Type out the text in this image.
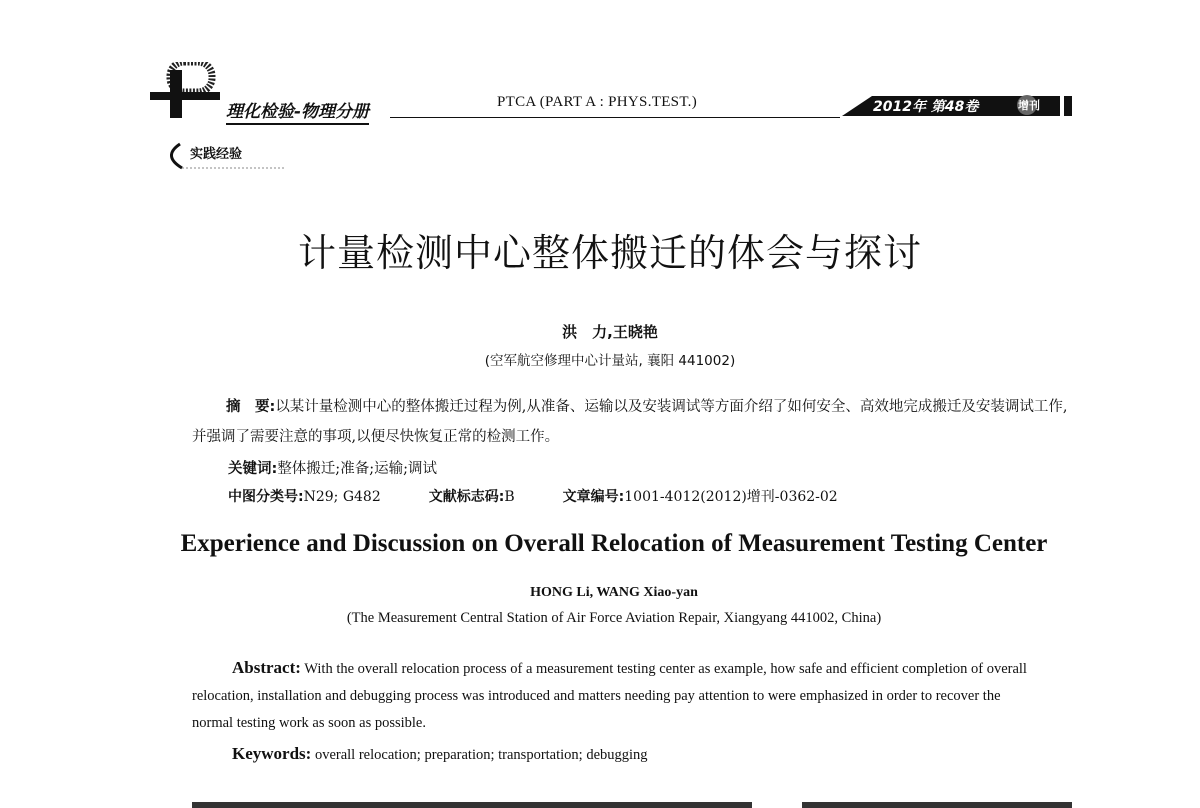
理化检验-物理分册	PTCA (PART A : PHYS.TEST.)	2012年 第48卷	增刊
实践经验
计量检测中心整体搬迁的体会与探讨
洪　力,王晓艳
(空军航空修理中心计量站, 襄阳 441002)
摘　要:以某计量检测中心的整体搬迁过程为例,从准备、运输以及安装调试等方面介绍了如何安全、高效地完成搬迁及安装调试工作,并强调了需要注意的事项,以便尽快恢复正常的检测工作。
关键词:整体搬迁;准备;运输;调试
中图分类号:N29; G482	文献标志码:B	文章编号:1001-4012(2012)增刊-0362-02
Experience and Discussion on Overall Relocation of Measurement Testing Center
HONG Li, WANG Xiao-yan
(The Measurement Central Station of Air Force Aviation Repair, Xiangyang 441002, China)
Abstract: With the overall relocation process of a measurement testing center as example, how safe and efficient completion of overall relocation, installation and debugging process was introduced and matters needing pay attention to were emphasized in order to recover the normal testing work as soon as possible.
Keywords: overall relocation; preparation; transportation; debugging
